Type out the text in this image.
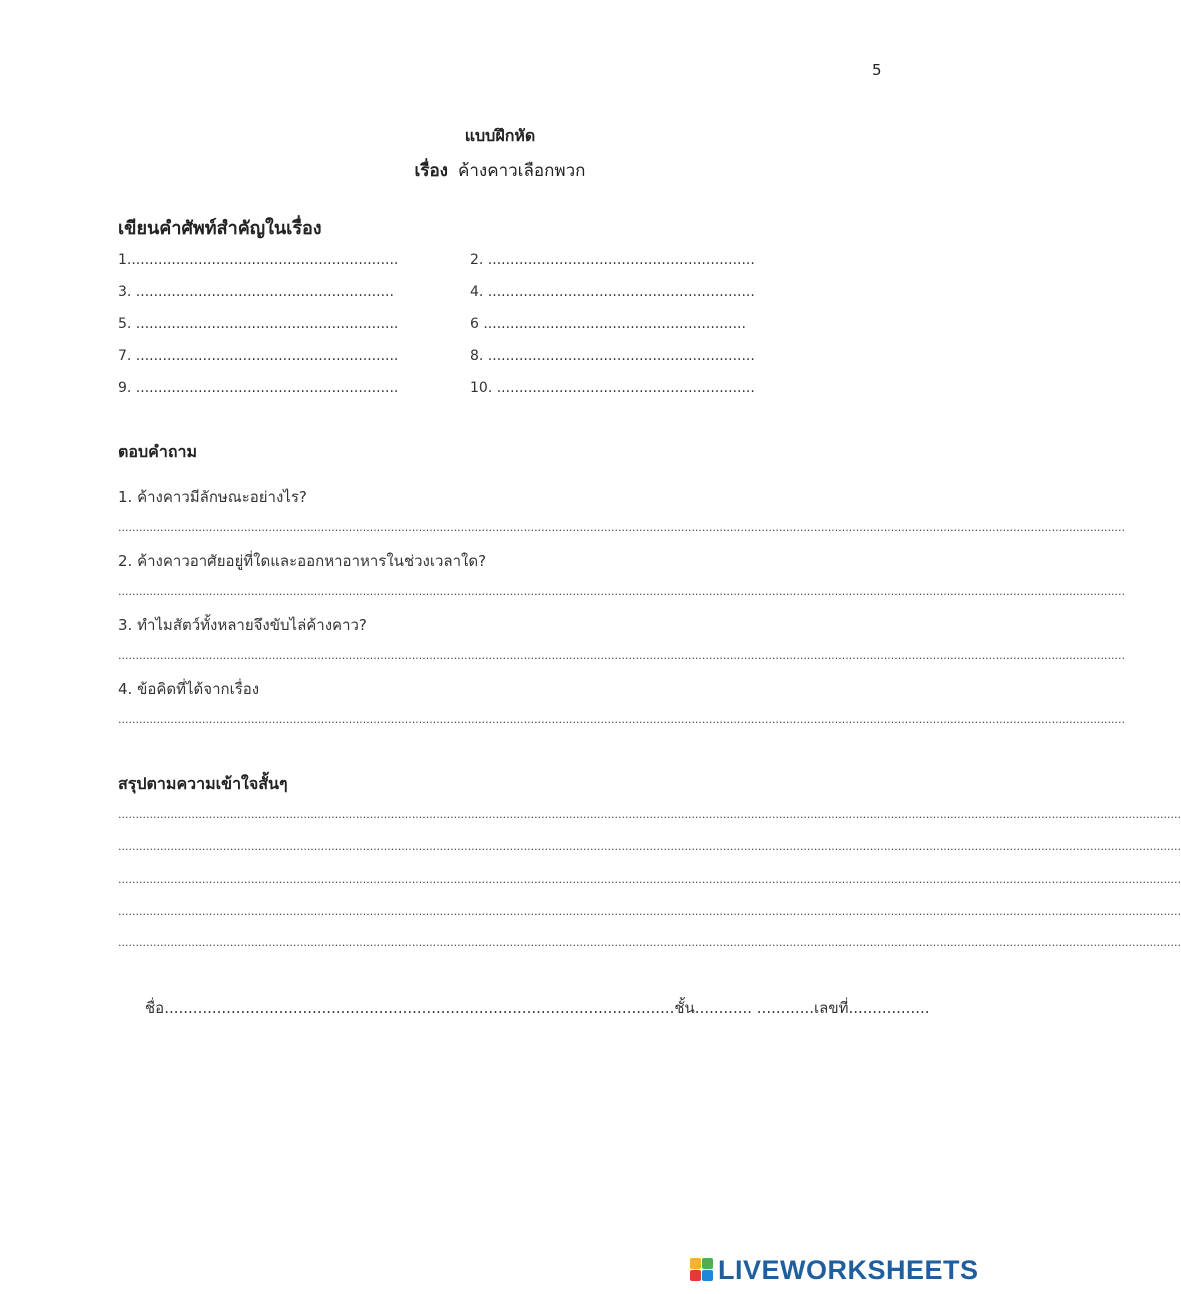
5
แบบฝึกหัด
เรื่อง ค้างคาวเลือกพวก
เขียนคำศัพท์สำคัญในเรื่อง
1.............................................................	2. ............................................................
3. ..........................................................	4. ............................................................
5. ...........................................................	6 ...........................................................
7. ...........................................................	8. ............................................................
9. ...........................................................	10. ..........................................................
ตอบคำถาม
1. ค้างคาวมีลักษณะอย่างไร?
................................................................................................................................................................................................................................................................................................
2. ค้างคาวอาศัยอยู่ที่ใดและออกหาอาหารในช่วงเวลาใด?
................................................................................................................................................................................................................................................................................................
3. ทำไมสัตว์ทั้งหลายจึงขับไล่ค้างคาว?
................................................................................................................................................................................................................................................................................................
4. ข้อคิดที่ได้จากเรื่อง
................................................................................................................................................................................................................................................................................................
สรุปตามความเข้าใจสั้นๆ
................................................................................................................................................................................................................................................................................................................
................................................................................................................................................................................................................................................................................................................
................................................................................................................................................................................................................................................................................................................
................................................................................................................................................................................................................................................................................................................
................................................................................................................................................................................................................................................................................................................
ชื่อ...........................................................................................................ชั้น............ ............เลขที่.................
LIVEWORKSHEETS
